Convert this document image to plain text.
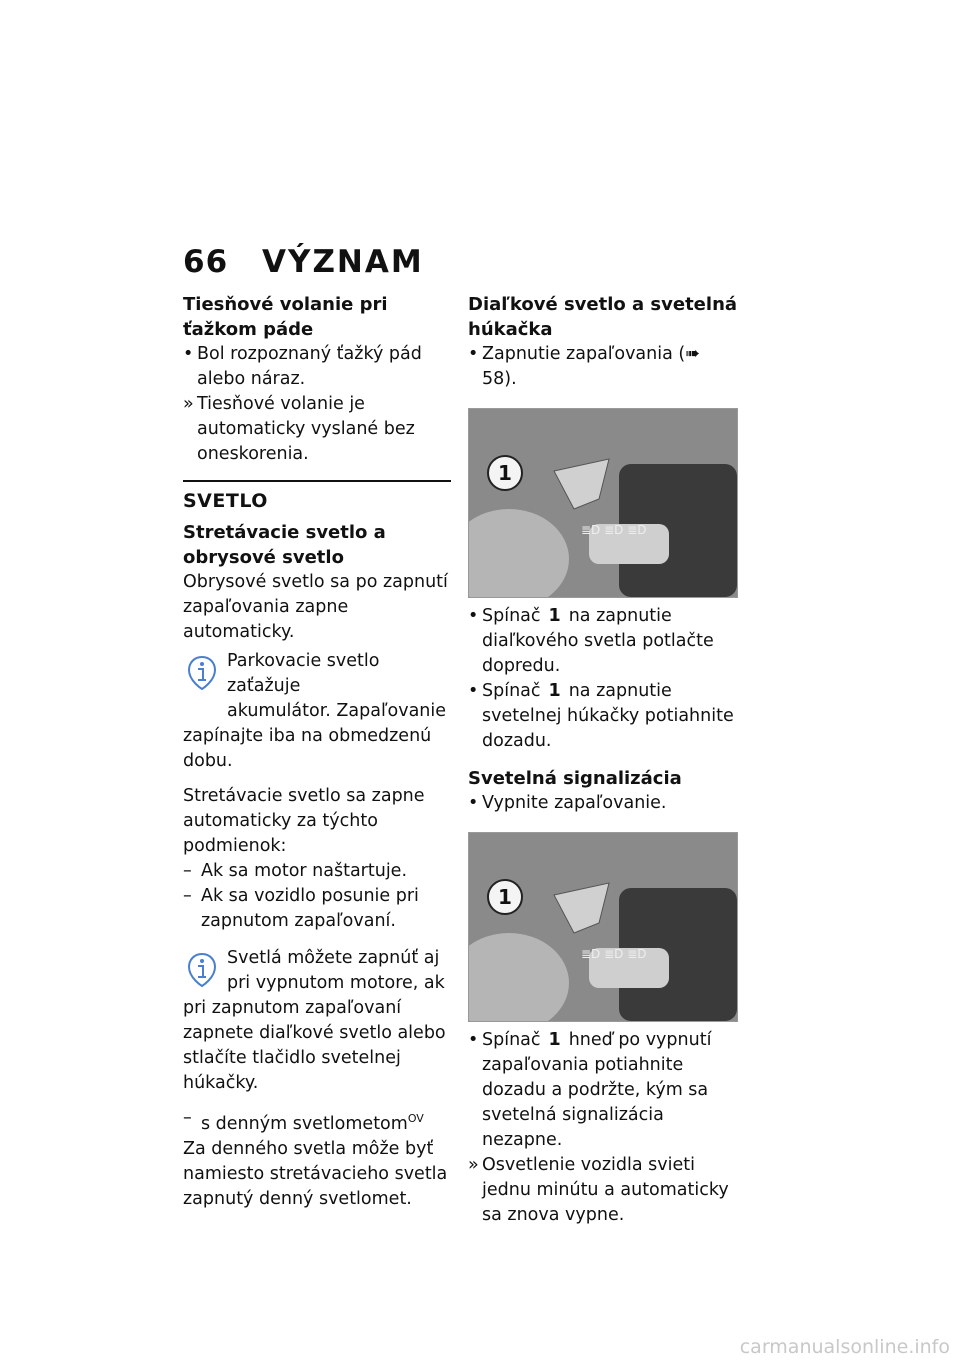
66 VÝZNAM
Tiesňové volanie pri ťažkom páde
• Bol rozpoznaný ťažký pád alebo náraz.
» Tiesňové volanie je automaticky vyslané bez oneskorenia.
SVETLO
Stretávacie svetlo a obrysové svetlo

Obrysové svetlo sa po zapnutí zapaľovania zapne automaticky.

Parkovacie svetlo zaťažuje

akumulátor. Zapaľovanie

zapínajte iba na obmedzenú dobu.

Stretávacie svetlo sa zapne automaticky za týchto podmienok:

– Ak sa motor naštartuje.
– Ak sa vozidlo posunie pri zapnutom zapaľovaní.

Svetlá môžete zapnúť aj

pri vypnutom motore, ak

pri zapnutom zapaľovaní zapnete diaľkové svetlo alebo stlačíte tlačidlo svetelnej húkačky.

– s denným svetlometom$^{OV}$

Za denného svetla môže byť namiesto stretávacieho svetla zapnutý denný svetlomet.

Diaľkové svetlo a svetelná húkačka
• Zapnutie zapaľovania (➠ 58).
≣D ≣D ≣D
1
• Spínač 1 na zapnutie diaľkového svetla potlačte dopredu.
• Spínač 1 na zapnutie svetelnej húkačky potiahnite dozadu.
Svetelná signalizácia
• Vypnite zapaľovanie.
≣D ≣D ≣D
1
• Spínač 1 hneď po vypnutí zapaľovania potiahnite dozadu a podržte, kým sa svetelná signalizácia nezapne.
» Osvetlenie vozidla svieti jednu minútu a automaticky sa znova vypne.
carmanualsonline.info
